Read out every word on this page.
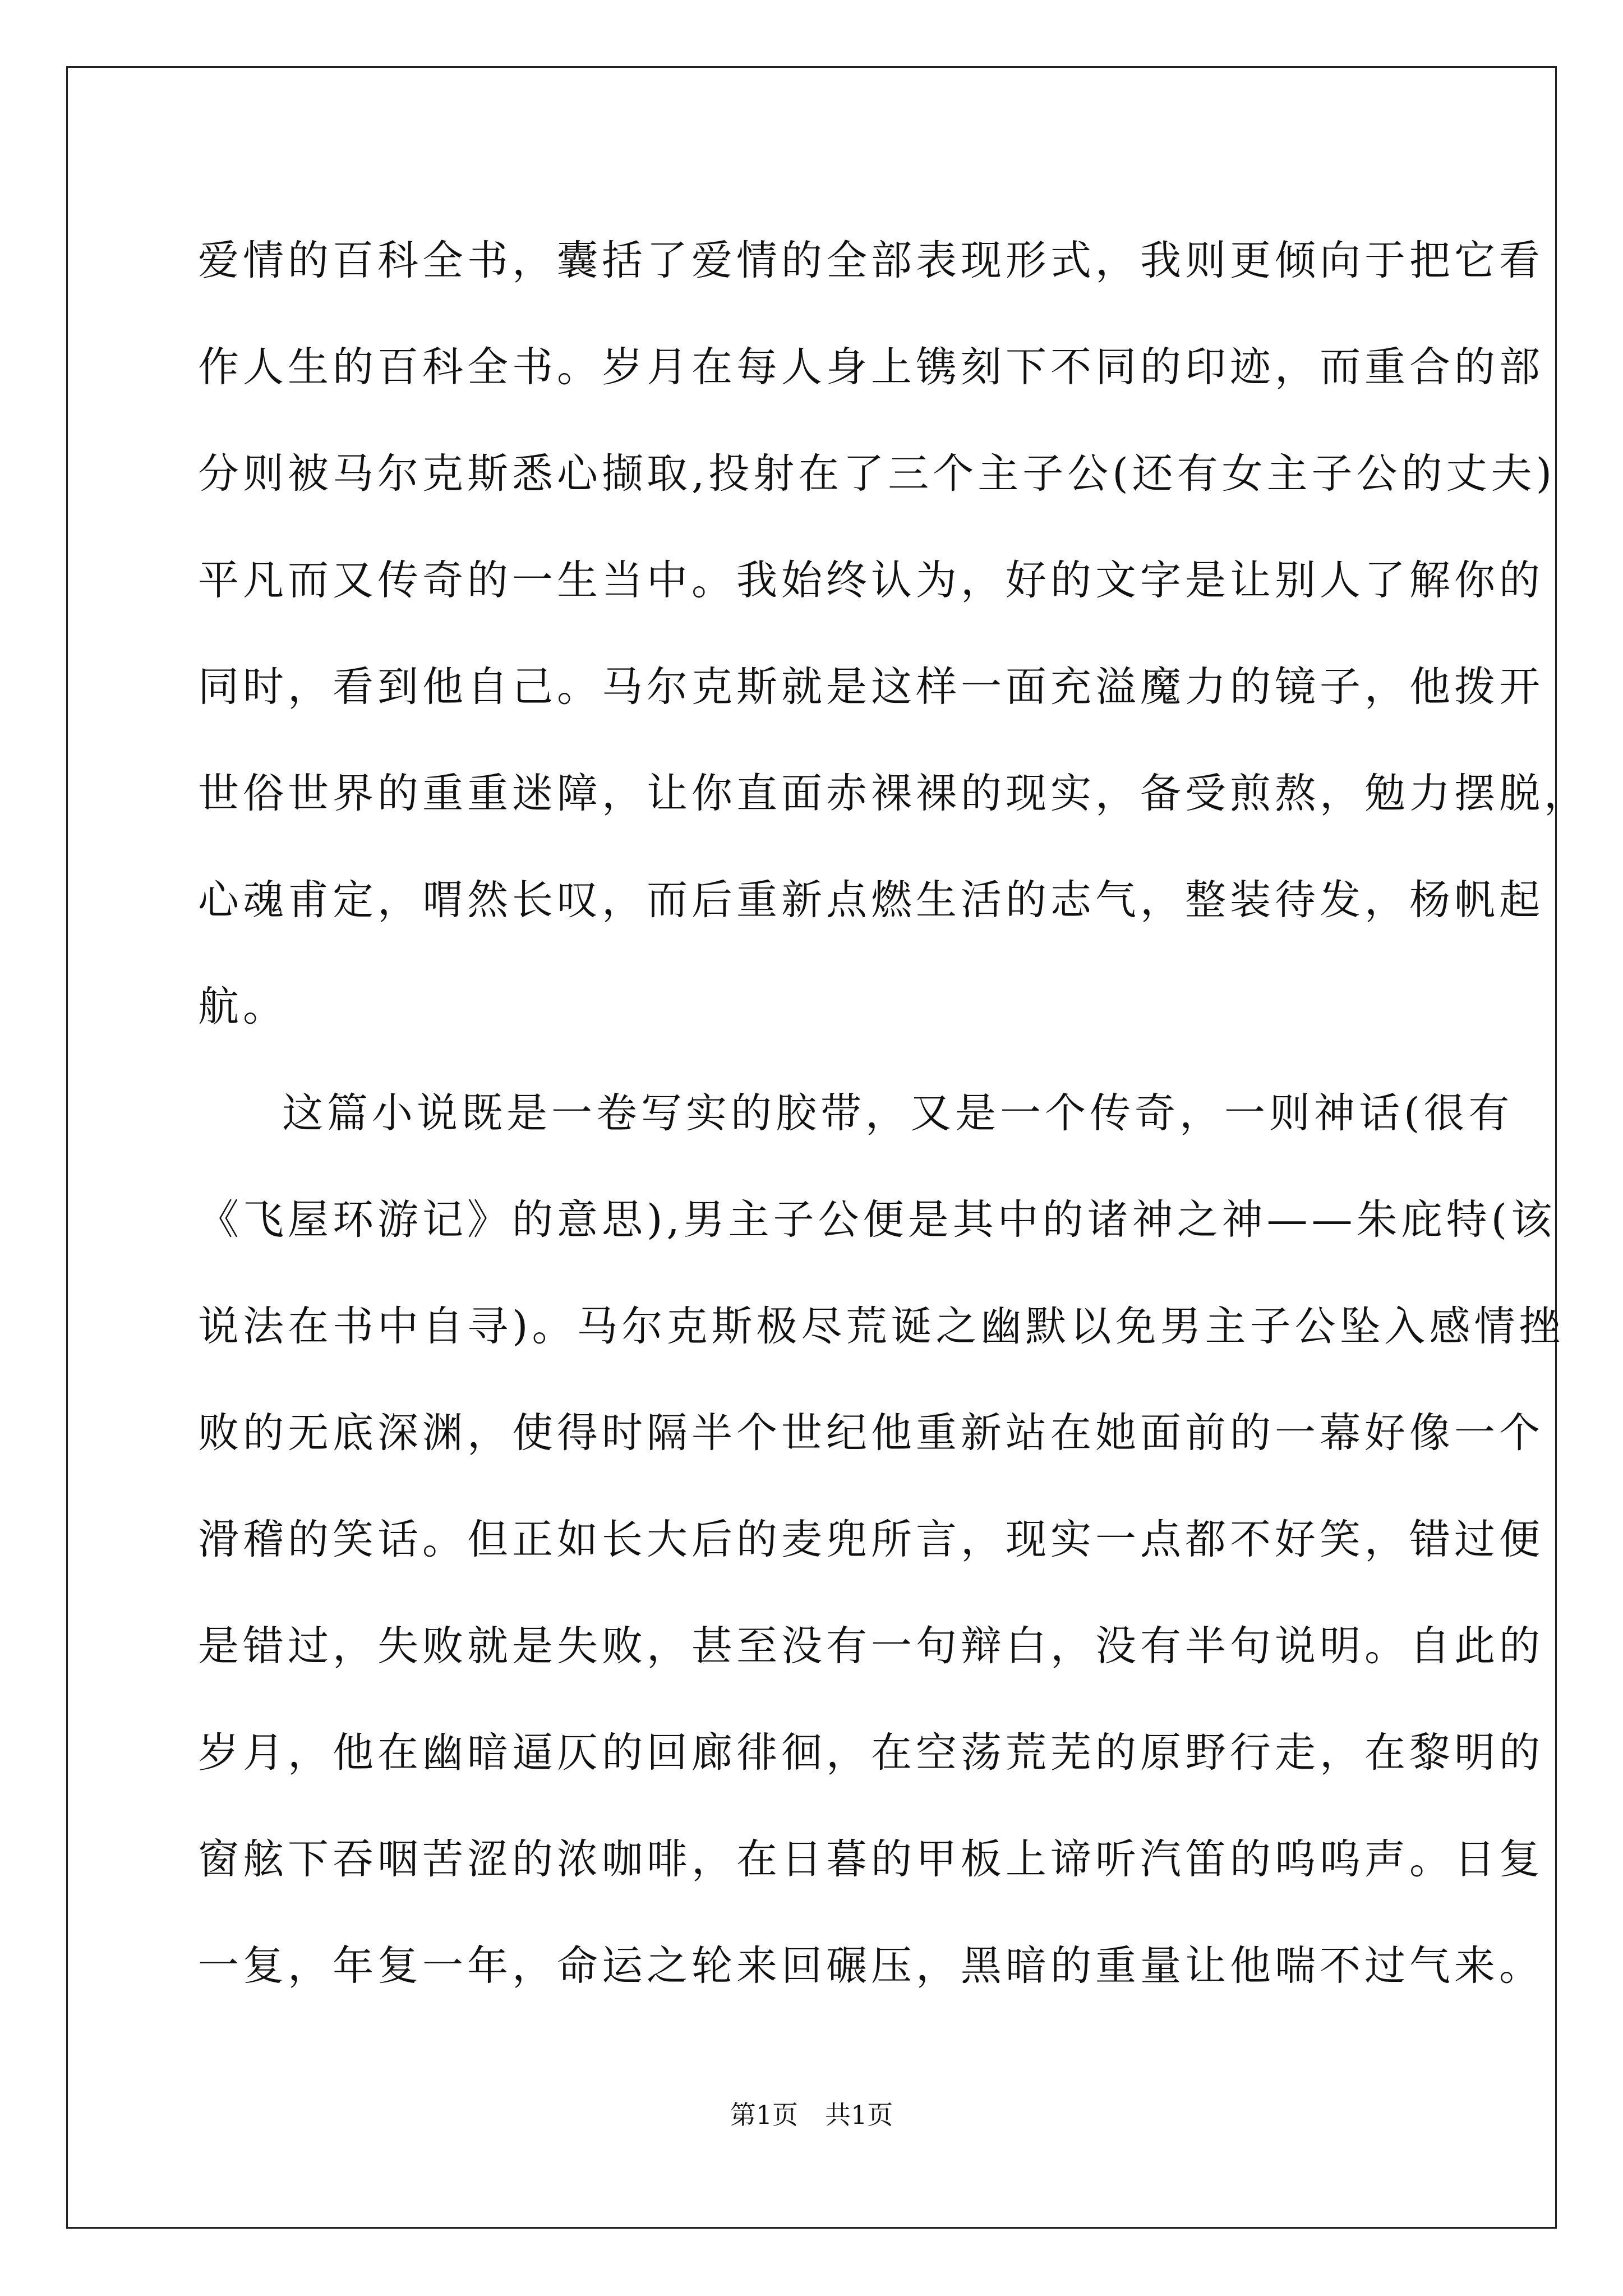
爱情的百科全书，囊括了爱情的全部表现形式，我则更倾向于把它看
作人生的百科全书。岁月在每人身上镌刻下不同的印迹，而重合的部
分则被马尔克斯悉心撷取,投射在了三个主子公(还有女主子公的丈夫)
平凡而又传奇的一生当中。我始终认为，好的文字是让别人了解你的
同时，看到他自己。马尔克斯就是这样一面充溢魔力的镜子，他拨开
世俗世界的重重迷障，让你直面赤裸裸的现实，备受煎熬，勉力摆脱，
心魂甫定，喟然长叹，而后重新点燃生活的志气，整装待发，杨帆起
航。
这篇小说既是一卷写实的胶带，又是一个传奇，一则神话(很有
《飞屋环游记》的意思),男主子公便是其中的诸神之神——朱庇特(该
说法在书中自寻)。马尔克斯极尽荒诞之幽默以免男主子公坠入感情挫
败的无底深渊，使得时隔半个世纪他重新站在她面前的一幕好像一个
滑稽的笑话。但正如长大后的麦兜所言，现实一点都不好笑，错过便
是错过，失败就是失败，甚至没有一句辩白，没有半句说明。自此的
岁月，他在幽暗逼仄的回廊徘徊，在空荡荒芜的原野行走，在黎明的
窗舷下吞咽苦涩的浓咖啡，在日暮的甲板上谛听汽笛的呜呜声。日复
一复，年复一年，命运之轮来回碾压，黑暗的重量让他喘不过气来。
第1页 共1页
